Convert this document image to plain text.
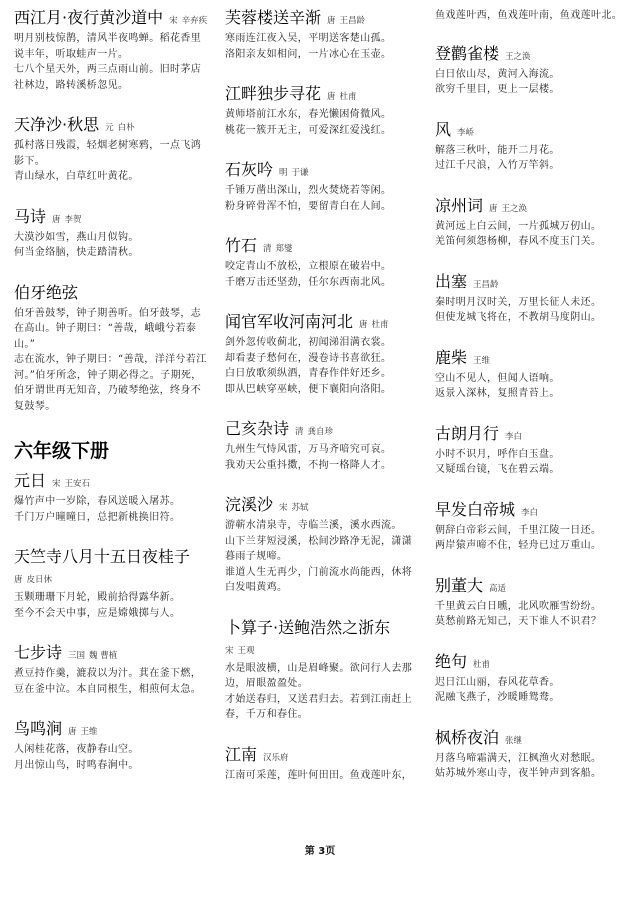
西江月·夜行黄沙道中 宋 辛弃疾
明月别枝惊鹊，清风半夜鸣蝉。稻花香里说丰年，听取蛙声一片。
七八个星天外，两三点雨山前。旧时茅店社林边，路转溪桥忽见。
天净沙·秋思 元 白朴
孤村落日残霞，轻烟老树寒鸦，一点飞鸿影下。
青山绿水，白草红叶黄花。
马诗 唐 李贺
大漠沙如雪，燕山月似钩。
何当金络脑，快走踏清秋。
伯牙绝弦
伯牙善鼓琴，钟子期善听。伯牙鼓琴，志在高山。钟子期曰：“善哉，峨峨兮若泰山。”
志在流水，钟子期曰：“善哉，洋洋兮若江河。”伯牙所念，钟子期必得之。子期死，伯牙谓世再无知音，乃破琴绝弦，终身不复鼓琴。
六年级下册
元日 宋 王安石
爆竹声中一岁除，春风送暖入屠苏。
千门万户曈曈日，总把新桃换旧符。
天竺寺八月十五日夜桂子
唐 皮日休
玉颗珊珊下月轮，殿前拾得露华新。
至今不会天中事，应是嫦娥掷与人。
七步诗 三国 魏 曹植
煮豆持作羹，漉菽以为汁。萁在釜下燃，
豆在釜中泣。本自同根生，相煎何太急。
鸟鸣涧 唐 王维
人闲桂花落，夜静春山空。
月出惊山鸟，时鸣春涧中。
芙蓉楼送辛渐 唐 王昌龄
寒雨连江夜入吴，平明送客楚山孤。
洛阳亲友如相问，一片冰心在玉壶。
江畔独步寻花 唐 杜甫
黄师塔前江水东，春光懒困倚微风。
桃花一簇开无主，可爱深红爱浅红。
石灰吟 明 于谦
千锤万凿出深山，烈火焚烧若等闲。
粉身碎骨浑不怕，要留青白在人间。
竹石 清 郑燮
咬定青山不放松，立根原在破岩中。
千磨万击还坚劲，任尔东西南北风。
闻官军收河南河北 唐 杜甫
剑外忽传收蓟北，初闻涕泪满衣裳。
却看妻子愁何在，漫卷诗书喜欲狂。
白日放歌须纵酒，青春作伴好还乡。
即从巴峡穿巫峡，便下襄阳向洛阳。
己亥杂诗 清 龚自珍
九州生气恃风雷，万马齐喑究可哀。
我劝天公重抖擞，不拘一格降人才。
浣溪沙 宋 苏轼
游蕲水清泉寺，寺临兰溪，溪水西流。
山下兰芽短浸溪，松间沙路净无泥，潇潇暮雨子规啼。
谁道人生无再少，门前流水尚能西，休将白发唱黄鸡。
卜算子·送鲍浩然之浙东
宋 王观
水是眼波横，山是眉峰聚。欲问行人去那边，眉眼盈盈处。
才始送春归，又送君归去。若到江南赶上春，千万和春住。
江南 汉乐府
江南可采莲，莲叶何田田。鱼戏莲叶东，
鱼戏莲叶西，鱼戏莲叶南，鱼戏莲叶北。
登鹳雀楼 王之涣
白日依山尽，黄河入海流。
欲穷千里目，更上一层楼。
风李峤
解落三秋叶，能开二月花。
过江千尺浪，入竹万竿斜。
凉州词 唐 王之涣
黄河远上白云间，一片孤城万仞山。
羌笛何须怨杨柳，春风不度玉门关。
出塞 王昌龄
秦时明月汉时关，万里长征人未还。
但使龙城飞将在，不教胡马度阴山。
鹿柴 王维
空山不见人，但闻人语响。
返景入深林，复照青苔上。
古朗月行 李白
小时不识月，呼作白玉盘。
又疑瑶台镜，飞在碧云端。
早发白帝城 李白
朝辞白帝彩云间，千里江陵一日还。
两岸猿声啼不住，轻舟已过万重山。
别董大 高适
千里黄云白日曛，北风吹雁雪纷纷。
莫愁前路无知己，天下谁人不识君？
绝句 杜甫
迟日江山丽，春风花草香。
泥融飞燕子，沙暖睡鸳鸯。
枫桥夜泊 张继
月落乌啼霜满天，江枫渔火对愁眠。
姑苏城外寒山寺，夜半钟声到客船。
第 3页
